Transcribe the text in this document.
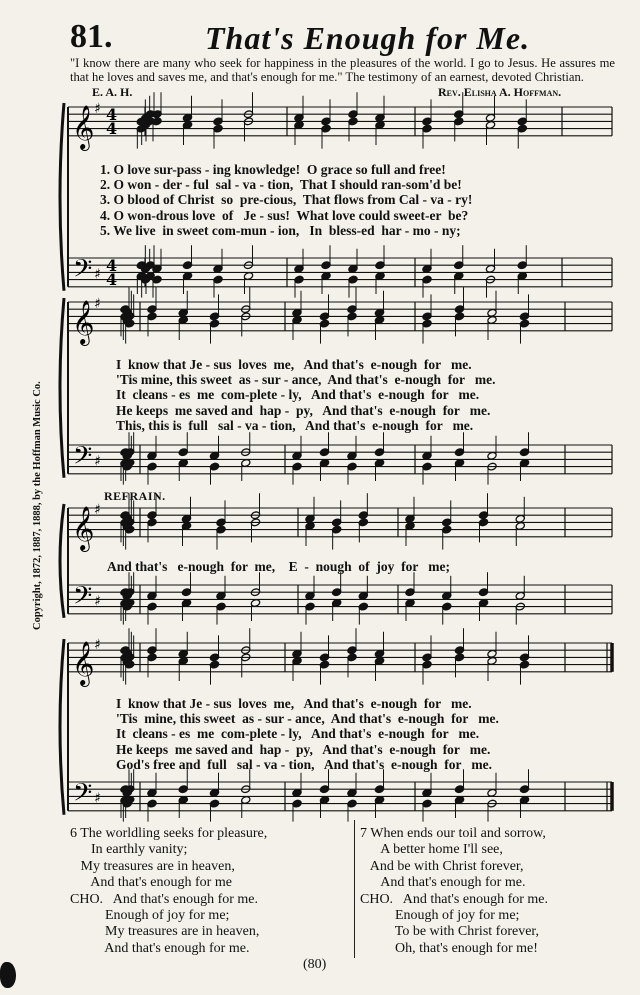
81.	That's Enough for Me.
"I know there are many who seek for happiness in the pleasures of the world. I go to Jesus. He assures me that he loves and saves me, and that's enough for me." The testimony of an earnest, devoted Christian.
E. A. H.	Rev. Elisha A. Hoffman.
Copyright, 1872, 1887, 1888, by the Hoffman Music Co.
𝄞
𝄢
♯
♯
4
4
4
4
𝄞
𝄢
♯
♯
𝄞
𝄢
♯
♯
𝄞
𝄢
♯
♯
REFRAIN.
1. O love sur-pass - ing knowledge!  O grace so full and free!
2. O won - der - ful  sal - va - tion,  That I should ran-som'd be!
3. O blood of Christ  so  pre-cious,  That flows from Cal - va - ry!
4. O won-drous love  of   Je - sus!  What love could sweet-er  be?
5. We live  in sweet com-mun - ion,   In  bless-ed  har - mo - ny;
I  know that Je - sus  loves  me,   And that's  e-nough  for   me.
'Tis mine, this sweet  as - sur - ance,  And that's  e-nough  for   me.
It  cleans - es  me  com-plete - ly,   And that's  e-nough  for   me.
He keeps  me saved and  hap -  py,   And that's  e-nough  for   me.
This, this is  full   sal - va - tion,   And that's  e-nough  for   me.
And that's   e-nough  for  me,    E  -  nough  of  joy  for   me;
I  know that Je - sus  loves  me,   And that's  e-nough  for   me.
'Tis  mine, this sweet  as - sur - ance,  And that's  e-nough  for   me.
It  cleans - es  me  com-plete - ly,   And that's  e-nough  for   me.
He keeps  me saved and  hap -  py,   And that's  e-nough  for   me.
God's free and  full   sal - va - tion,   And that's  e-nough  for   me.
6 The worldling seeks for pleasure,
In earthly vanity;
My treasures are in heaven,
And that's enough for me
CHO.   And that's enough for me.
Enough of joy for me;
My treasures are in heaven,
And that's enough for me.
7 When ends our toil and sorrow,
A better home I'll see,
And be with Christ forever,
And that's enough for me.
CHO.   And that's enough for me.
Enough of joy for me;
To be with Christ forever,
Oh, that's enough for me!
(80)
